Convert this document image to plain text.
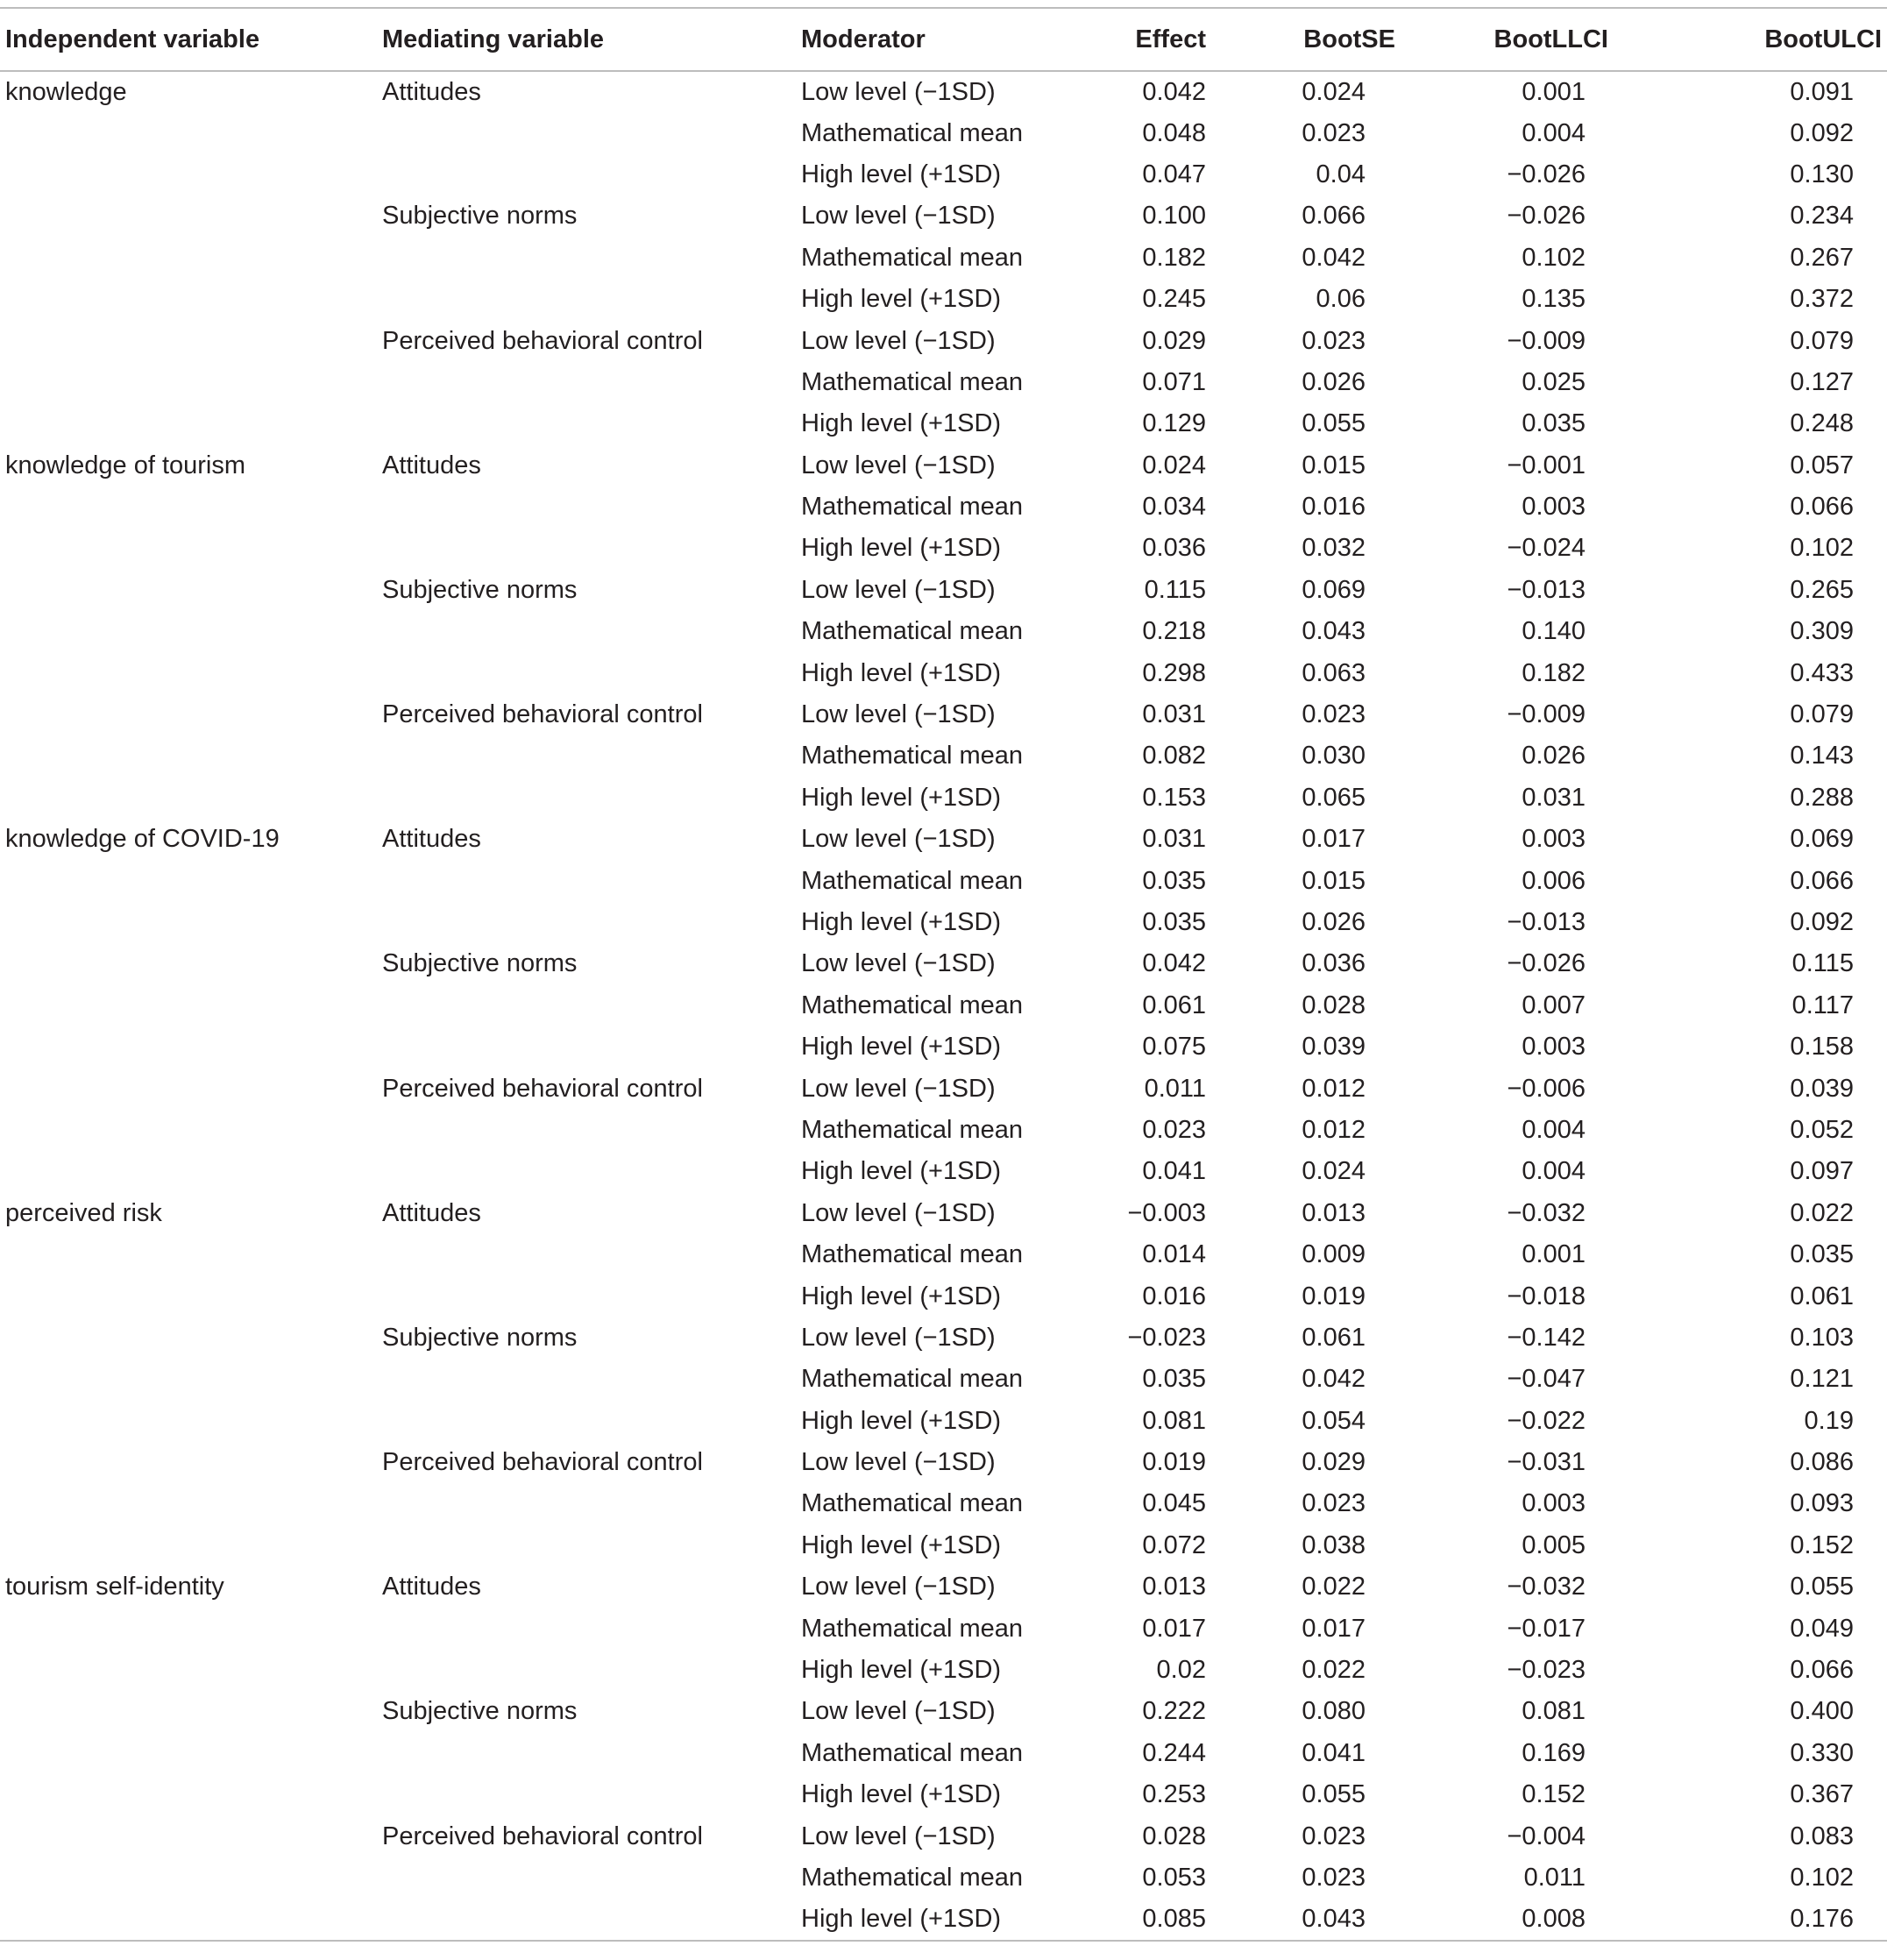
Independent variable	Mediating variable	Moderator	Effect	BootSE	BootLLCI	BootULCI
knowledge	Attitudes	Low level (−1SD)	0.042	0.024	0.001	0.091
		Mathematical mean	0.048	0.023	0.004	0.092
		High level (+1SD)	0.047	0.04	−0.026	0.130
	Subjective norms	Low level (−1SD)	0.100	0.066	−0.026	0.234
		Mathematical mean	0.182	0.042	0.102	0.267
		High level (+1SD)	0.245	0.06	0.135	0.372
	Perceived behavioral control	Low level (−1SD)	0.029	0.023	−0.009	0.079
		Mathematical mean	0.071	0.026	0.025	0.127
		High level (+1SD)	0.129	0.055	0.035	0.248
knowledge of tourism	Attitudes	Low level (−1SD)	0.024	0.015	−0.001	0.057
		Mathematical mean	0.034	0.016	0.003	0.066
		High level (+1SD)	0.036	0.032	−0.024	0.102
	Subjective norms	Low level (−1SD)	0.115	0.069	−0.013	0.265
		Mathematical mean	0.218	0.043	0.140	0.309
		High level (+1SD)	0.298	0.063	0.182	0.433
	Perceived behavioral control	Low level (−1SD)	0.031	0.023	−0.009	0.079
		Mathematical mean	0.082	0.030	0.026	0.143
		High level (+1SD)	0.153	0.065	0.031	0.288
knowledge of COVID-19	Attitudes	Low level (−1SD)	0.031	0.017	0.003	0.069
		Mathematical mean	0.035	0.015	0.006	0.066
		High level (+1SD)	0.035	0.026	−0.013	0.092
	Subjective norms	Low level (−1SD)	0.042	0.036	−0.026	0.115
		Mathematical mean	0.061	0.028	0.007	0.117
		High level (+1SD)	0.075	0.039	0.003	0.158
	Perceived behavioral control	Low level (−1SD)	0.011	0.012	−0.006	0.039
		Mathematical mean	0.023	0.012	0.004	0.052
		High level (+1SD)	0.041	0.024	0.004	0.097
perceived risk	Attitudes	Low level (−1SD)	−0.003	0.013	−0.032	0.022
		Mathematical mean	0.014	0.009	0.001	0.035
		High level (+1SD)	0.016	0.019	−0.018	0.061
	Subjective norms	Low level (−1SD)	−0.023	0.061	−0.142	0.103
		Mathematical mean	0.035	0.042	−0.047	0.121
		High level (+1SD)	0.081	0.054	−0.022	0.19
	Perceived behavioral control	Low level (−1SD)	0.019	0.029	−0.031	0.086
		Mathematical mean	0.045	0.023	0.003	0.093
		High level (+1SD)	0.072	0.038	0.005	0.152
tourism self-identity	Attitudes	Low level (−1SD)	0.013	0.022	−0.032	0.055
		Mathematical mean	0.017	0.017	−0.017	0.049
		High level (+1SD)	0.02	0.022	−0.023	0.066
	Subjective norms	Low level (−1SD)	0.222	0.080	0.081	0.400
		Mathematical mean	0.244	0.041	0.169	0.330
		High level (+1SD)	0.253	0.055	0.152	0.367
	Perceived behavioral control	Low level (−1SD)	0.028	0.023	−0.004	0.083
		Mathematical mean	0.053	0.023	0.011	0.102
		High level (+1SD)	0.085	0.043	0.008	0.176
